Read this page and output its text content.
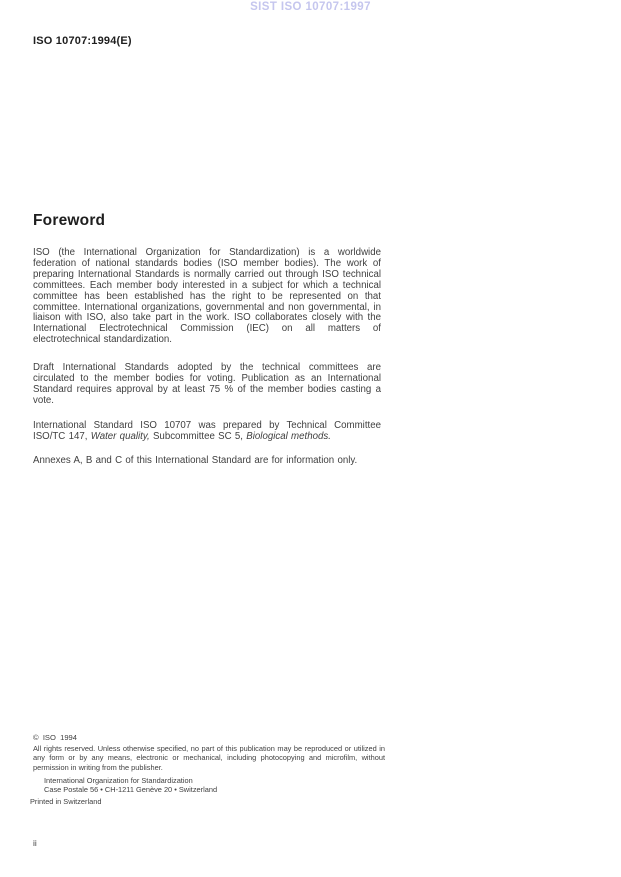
SIST ISO 10707:1997
ISO 10707:1994(E)
Foreword

ISO (the International Organization for Standardization) is a worldwide federation of national standards bodies (ISO member bodies). The work of preparing International Standards is normally carried out through ISO technical committees. Each member body interested in a subject for which a technical committee has been established has the right to be represented on that committee. International organizations, governmental and non governmental, in liaison with ISO, also take part in the work. ISO collaborates closely with the International Electrotechnical Commission (IEC) on all matters of electrotechnical standardization.

Draft International Standards adopted by the technical committees are circulated to the member bodies for voting. Publication as an International Standard requires approval by at least 75 % of the member bodies casting a vote.

International Standard ISO 10707 was prepared by Technical Committee ISO/TC 147, Water quality, Subcommittee SC 5, Biological methods.

Annexes A, B and C of this International Standard are for information only.

©  ISO  1994

All rights reserved. Unless otherwise specified, no part of this publication may be reproduced or utilized in any form or by any means, electronic or mechanical, including photocopying and microfilm, without permission in writing from the publisher.

International Organization for Standardization
Case Postale 56 • CH-1211 Genève 20 • Switzerland
Printed in Switzerland
ii
